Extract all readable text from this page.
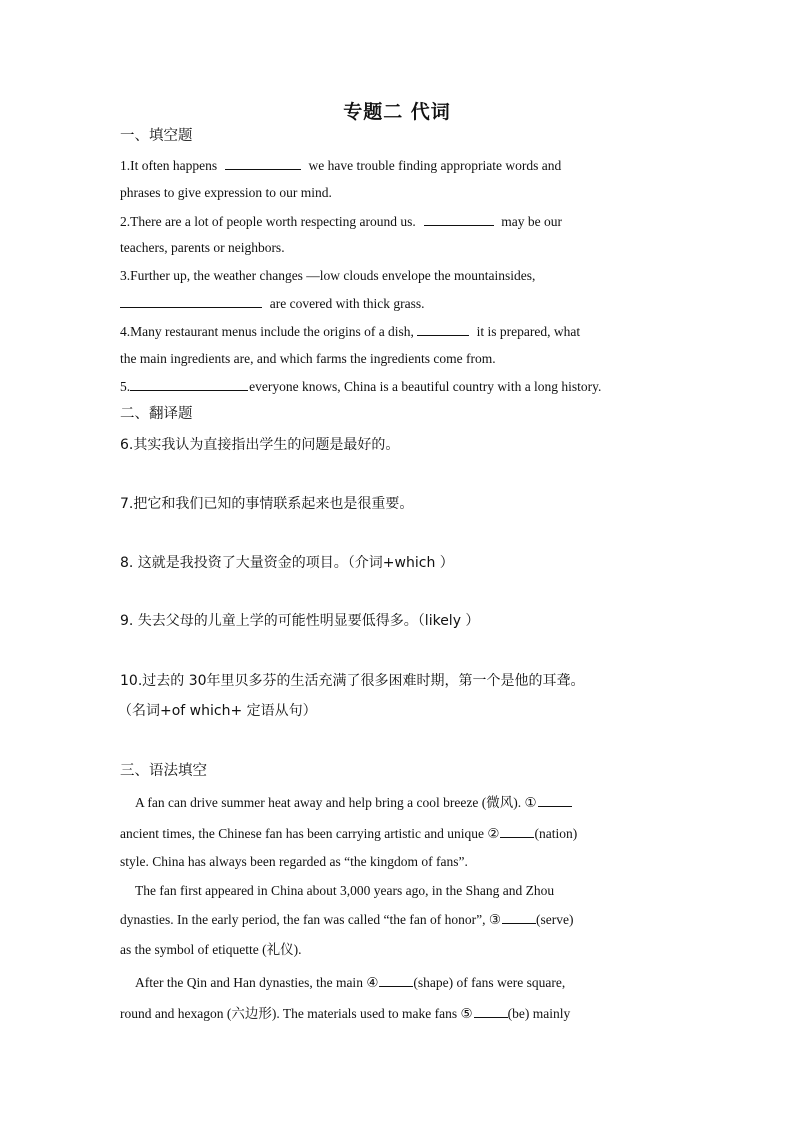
专题二 代词
一、填空题
1.It often happens	we have trouble finding appropriate words and
phrases to give expression to our mind.
2.There are a lot of people worth respecting around us.	may be our
teachers, parents or neighbors.
3.Further up, the weather changes —low clouds envelope the mountainsides,
are covered with thick grass.
4.Many restaurant menus include the origins of a dish,	it is prepared, what
the main ingredients are, and which farms the ingredients come from.
5.	everyone knows, China is a beautiful country with a long history.
二、翻译题
6.其实我认为直接指出学生的问题是最好的。
7.把它和我们已知的事情联系起来也是很重要。
8. 这就是我投资了大量资金的项目。（介词+which ）
9. 失去父母的儿童上学的可能性明显要低得多。（likely ）
10.过去的 30年里贝多芬的生活充满了很多困难时期，第一个是他的耳聋。
（名词+of which+ 定语从句）
三、语法填空
A fan can drive summer heat away and help bring a cool breeze (微风). ①
ancient times, the Chinese fan has been carrying artistic and unique ②	(nation)
style. China has always been regarded as “the kingdom of fans”.
The fan first appeared in China about 3,000 years ago, in the Shang and Zhou
dynasties. In the early period, the fan was called “the fan of honor”, ③	(serve)
as the symbol of etiquette (礼仪).
After the Qin and Han dynasties, the main ④	(shape) of fans were square,
round and hexagon (六边形). The materials used to make fans ⑤	(be) mainly
